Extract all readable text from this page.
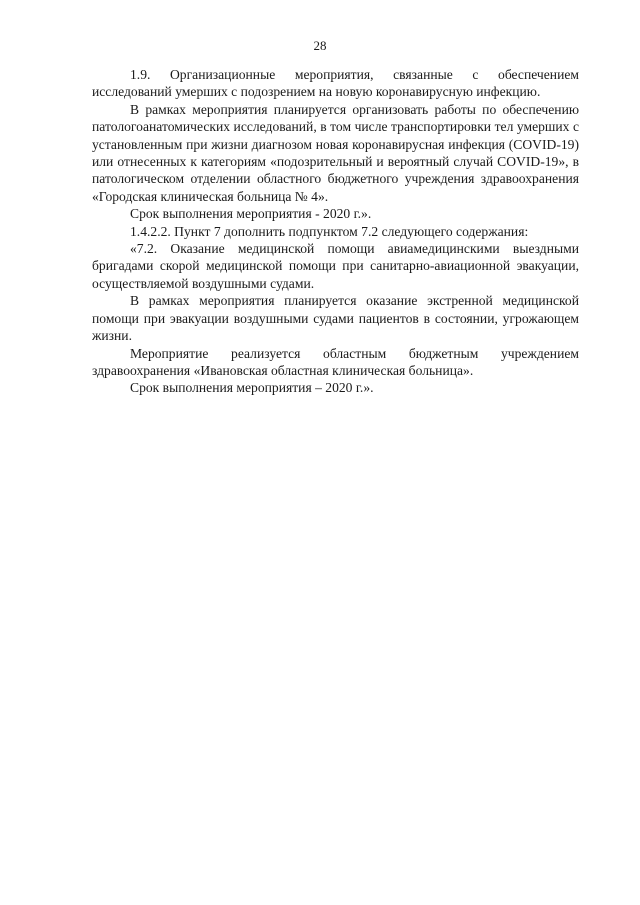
28

1.9. Организационные мероприятия, связанные с обеспечением исследований умерших с подозрением на новую коронавирусную инфекцию.

В рамках мероприятия планируется организовать работы по обеспечению патологоанатомических исследований, в том числе транспортировки тел умерших с установленным при жизни диагнозом новая коронавирусная инфекция (COVID-19) или отнесенных к категориям «подозрительный и вероятный случай COVID-19», в патологическом отделении областного бюджетного учреждения здравоохранения «Городская клиническая больница № 4».

Срок выполнения мероприятия - 2020 г.».

1.4.2.2. Пункт 7 дополнить подпунктом 7.2 следующего содержания:

«7.2. Оказание медицинской помощи авиамедицинскими выездными бригадами скорой медицинской помощи при санитарно-авиационной эвакуации, осуществляемой воздушными судами.

В рамках мероприятия планируется оказание экстренной медицинской помощи при эвакуации воздушными судами пациентов в состоянии, угрожающем жизни.

Мероприятие реализуется областным бюджетным учреждением здравоохранения «Ивановская областная клиническая больница».

Срок выполнения мероприятия – 2020 г.».
